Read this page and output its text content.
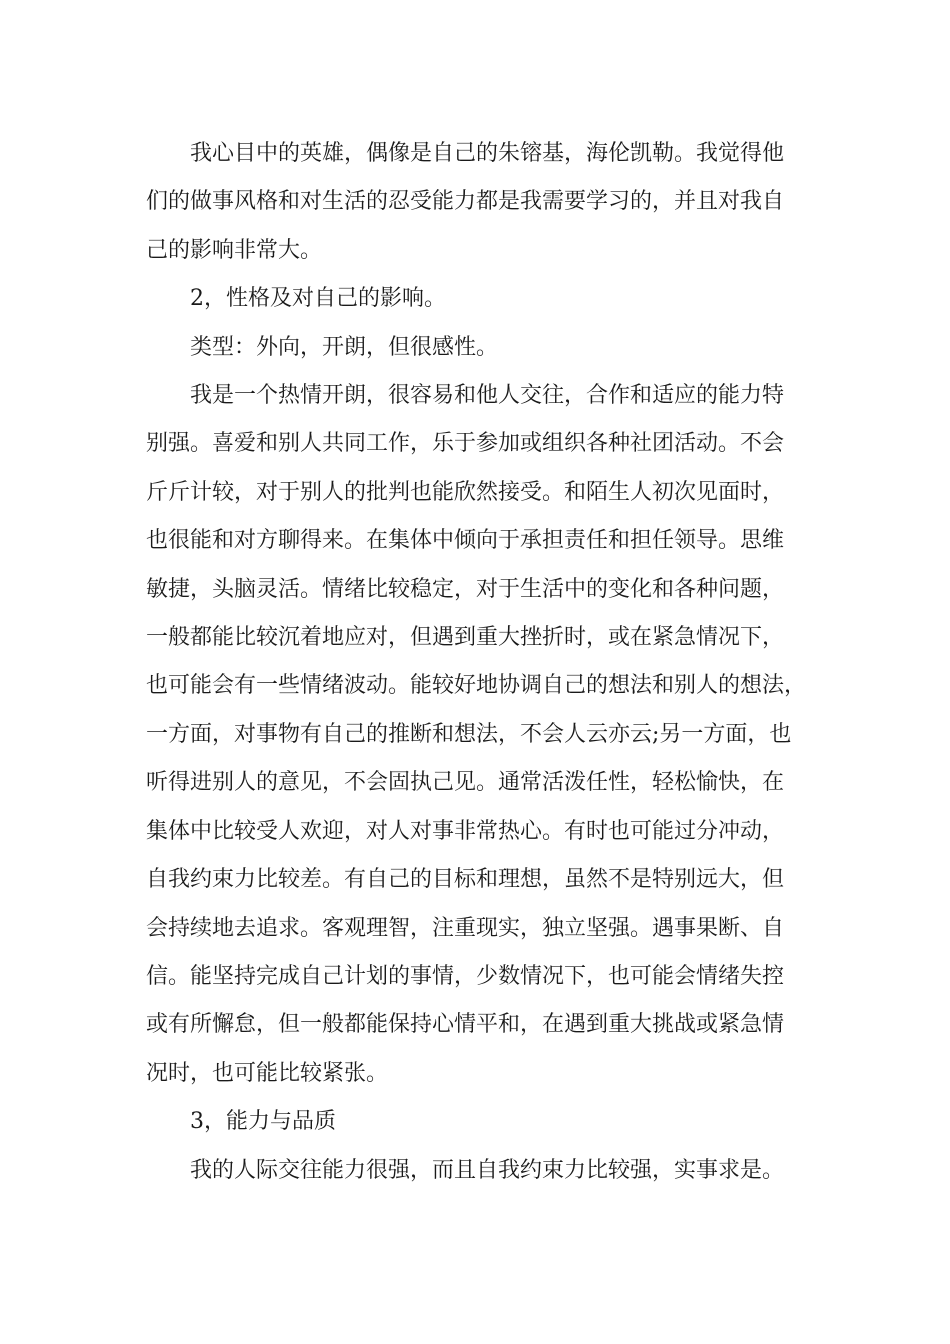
我心目中的英雄，偶像是自己的朱镕基，海伦凯勒。我觉得他
们的做事风格和对生活的忍受能力都是我需要学习的，并且对我自
己的影响非常大。

2，性格及对自己的影响。

类型：外向，开朗，但很感性。

我是一个热情开朗，很容易和他人交往，合作和适应的能力特
别强。喜爱和别人共同工作，乐于参加或组织各种社团活动。不会
斤斤计较，对于别人的批判也能欣然接受。和陌生人初次见面时，
也很能和对方聊得来。在集体中倾向于承担责任和担任领导。思维
敏捷，头脑灵活。情绪比较稳定，对于生活中的变化和各种问题，
一般都能比较沉着地应对，但遇到重大挫折时，或在紧急情况下，
也可能会有一些情绪波动。能较好地协调自己的想法和别人的想法，
一方面，对事物有自己的推断和想法，不会人云亦云;另一方面，也
听得进别人的意见，不会固执己见。通常活泼任性，轻松愉快，在
集体中比较受人欢迎，对人对事非常热心。有时也可能过分冲动，
自我约束力比较差。有自己的目标和理想，虽然不是特别远大，但
会持续地去追求。客观理智，注重现实，独立坚强。遇事果断、自
信。能坚持完成自己计划的事情，少数情况下，也可能会情绪失控
或有所懈怠，但一般都能保持心情平和，在遇到重大挑战或紧急情
况时，也可能比较紧张。

3，能力与品质

我的人际交往能力很强，而且自我约束力比较强，实事求是。
